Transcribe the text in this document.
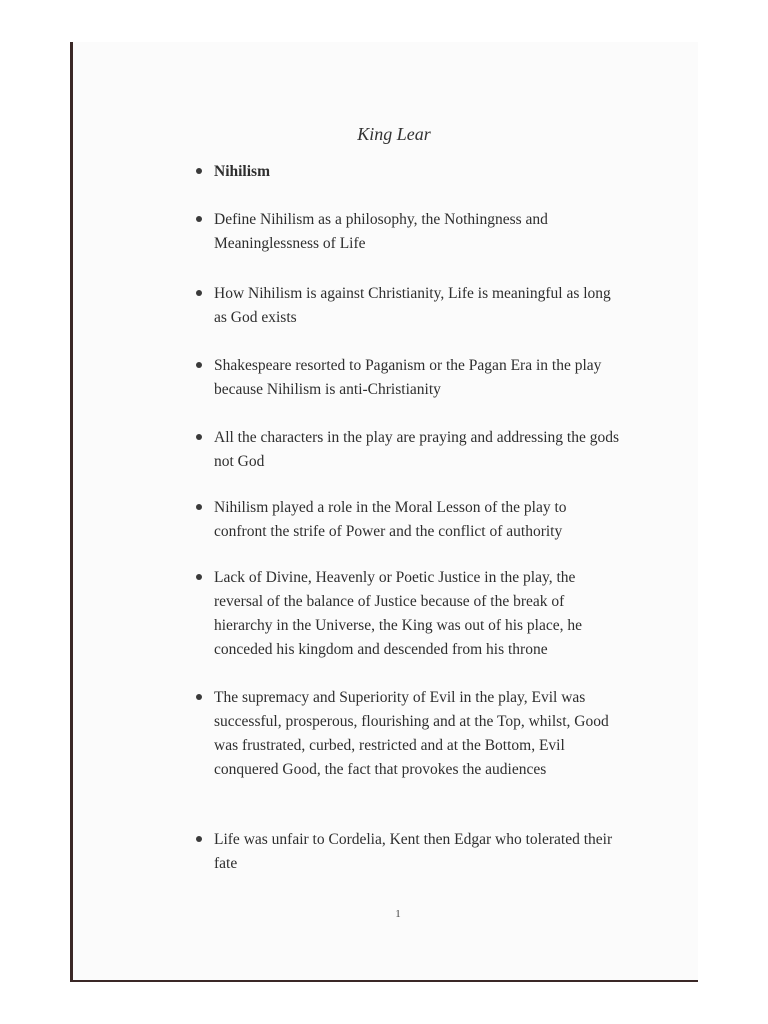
King Lear
Nihilism
Define Nihilism as a philosophy, the Nothingness and Meaninglessness of Life
How Nihilism is against Christianity, Life is meaningful as long as God exists
Shakespeare resorted to Paganism or the Pagan Era in the play because Nihilism is anti-Christianity
All the characters in the play are praying and addressing the gods not God
Nihilism played a role in the Moral Lesson of the play to confront the strife of Power and the conflict of authority
Lack of Divine, Heavenly or Poetic Justice in the play, the reversal of the balance of Justice because of the break of hierarchy in the Universe, the King was out of his place, he conceded his kingdom and descended from his throne
The supremacy and Superiority of Evil in the play, Evil was successful, prosperous, flourishing and at the Top, whilst, Good was frustrated, curbed, restricted and at the Bottom, Evil conquered Good, the fact that provokes the audiences
Life was unfair to Cordelia, Kent then Edgar who tolerated their fate
1
